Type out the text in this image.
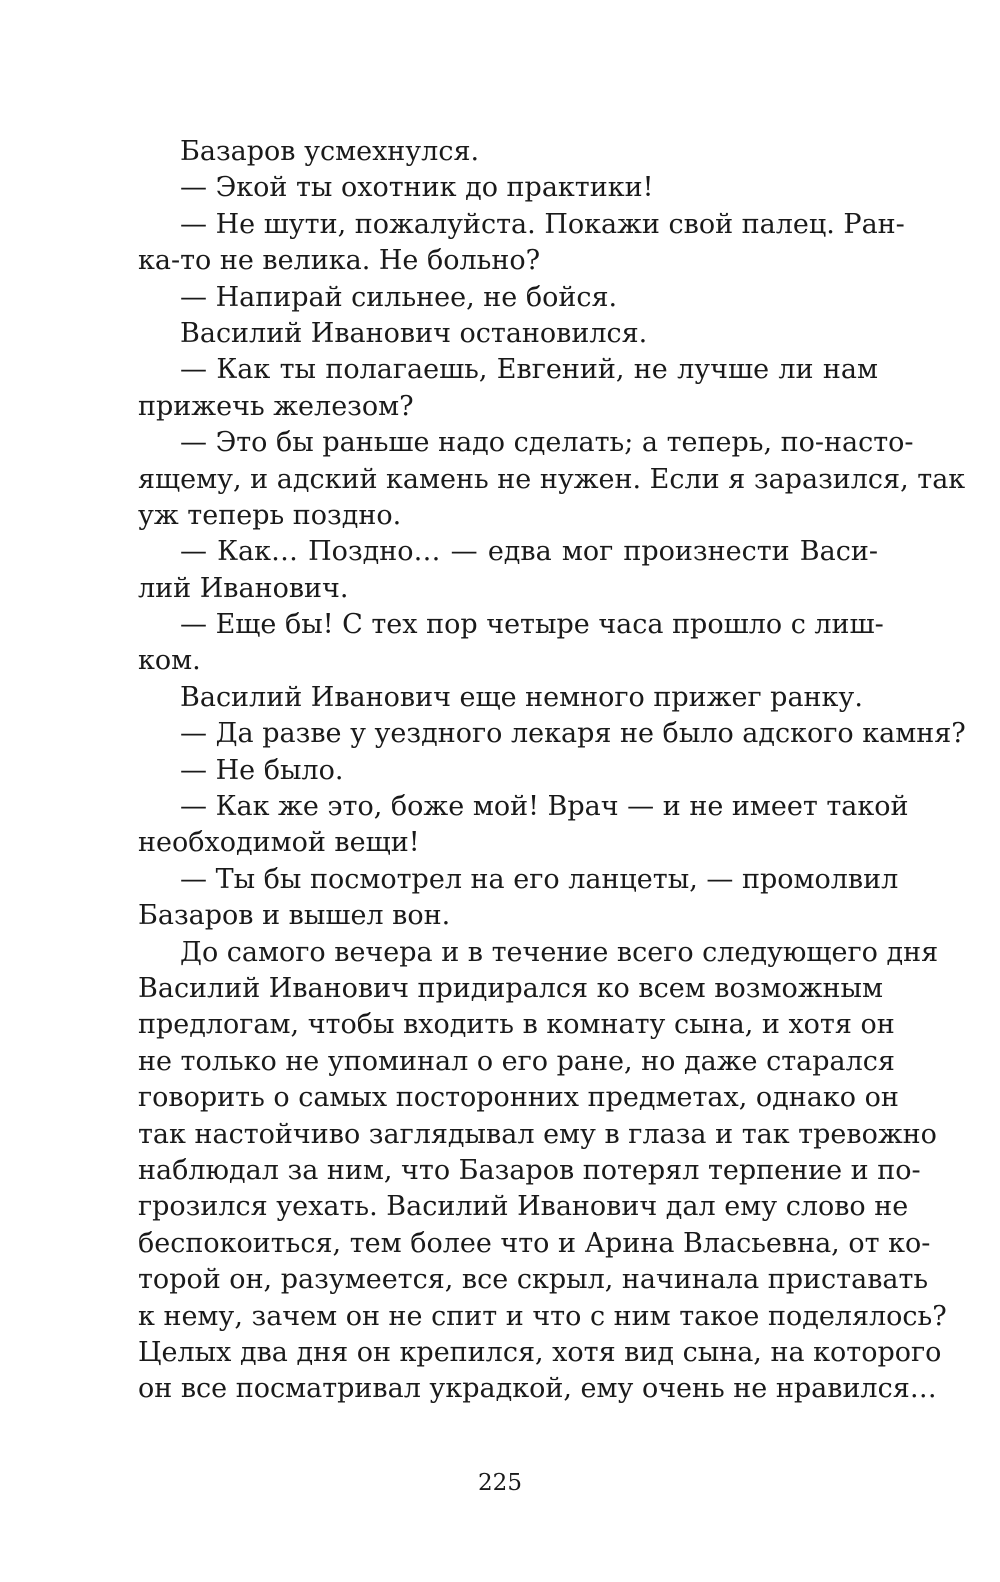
Базаров усмехнулся.
— Экой ты охотник до практики!
— Не шути, пожалуйста. Покажи свой палец. Ран-
ка-то не велика. Не больно?
— Напирай сильнее, не бойся.
Василий Иванович остановился.
— Как ты полагаешь, Евгений, не лучше ли нам
прижечь железом?
— Это бы раньше надо сделать; а теперь, по-насто-
ящему, и адский камень не нужен. Если я заразился, так
уж теперь поздно.
— Как… Поздно… — едва мог произнести Васи-
лий Иванович.
— Еще бы! С тех пор четыре часа прошло с лиш-
ком.
Василий Иванович еще немного прижег ранку.
— Да разве у уездного лекаря не было адского камня?
— Не было.
— Как же это, боже мой! Врач — и не имеет такой
необходимой вещи!
— Ты бы посмотрел на его ланцеты, — промолвил
Базаров и вышел вон.
До самого вечера и в течение всего следующего дня
Василий Иванович придирался ко всем возможным
предлогам, чтобы входить в комнату сына, и хотя он
не только не упоминал о его ране, но даже старался
говорить о самых посторонних предметах, однако он
так настойчиво заглядывал ему в глаза и так тревожно
наблюдал за ним, что Базаров потерял терпение и по-
грозился уехать. Василий Иванович дал ему слово не
беспокоиться, тем более что и Арина Власьевна, от ко-
торой он, разумеется, все скрыл, начинала приставать
к нему, зачем он не спит и что с ним такое поделялось?
Целых два дня он крепился, хотя вид сына, на которого
он все посматривал украдкой, ему очень не нравился…
225
